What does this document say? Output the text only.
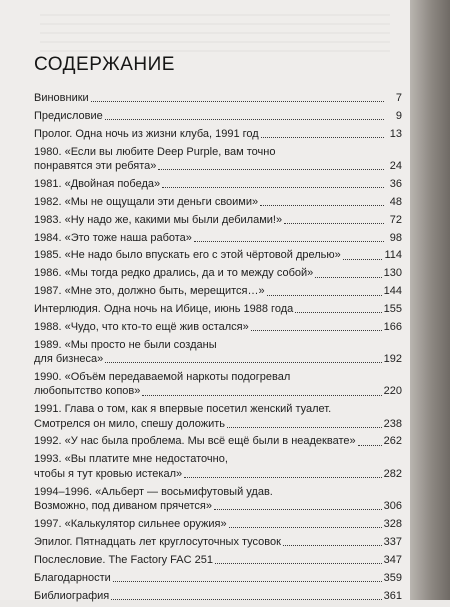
СОДЕРЖАНИЕ
Виновники	7
Предисловие	9
Пролог. Одна ночь из жизни клуба, 1991 год	13
1980. «Если вы любите Deep Purple, вам точно
понравятся эти ребята»	24
1981. «Двойная победа»	36
1982. «Мы не ощущали эти деньги своими»	48
1983. «Ну надо же, какими мы были дебилами!»	72
1984. «Это тоже наша работа»	98
1985. «Не надо было впускать его с этой чёртовой дрелью»	114
1986. «Мы тогда редко дрались, да и то между собой»	130
1987. «Мне это, должно быть, мерещится…»	144
Интерлюдия. Одна ночь на Ибице, июнь 1988 года	155
1988. «Чудо, что кто-то ещё жив остался»	166
1989. «Мы просто не были созданы
для бизнеса»	192
1990. «Объём передаваемой наркоты подогревал
любопытство копов»	220
1991. Глава о том, как я впервые посетил женский туалет.
Смотрелся он мило, спешу доложить	238
1992. «У нас была проблема. Мы всё ещё были в неадеквате»	262
1993. «Вы платите мне недостаточно,
чтобы я тут кровью истекал»	282
1994–1996. «Альберт — восьмифутовый удав.
Возможно, под диваном прячется»	306
1997. «Калькулятор сильнее оружия»	328
Эпилог. Пятнадцать лет круглосуточных тусовок	337
Послесловие. The Factory FAC 251	347
Благодарности	359
Библиография	361
